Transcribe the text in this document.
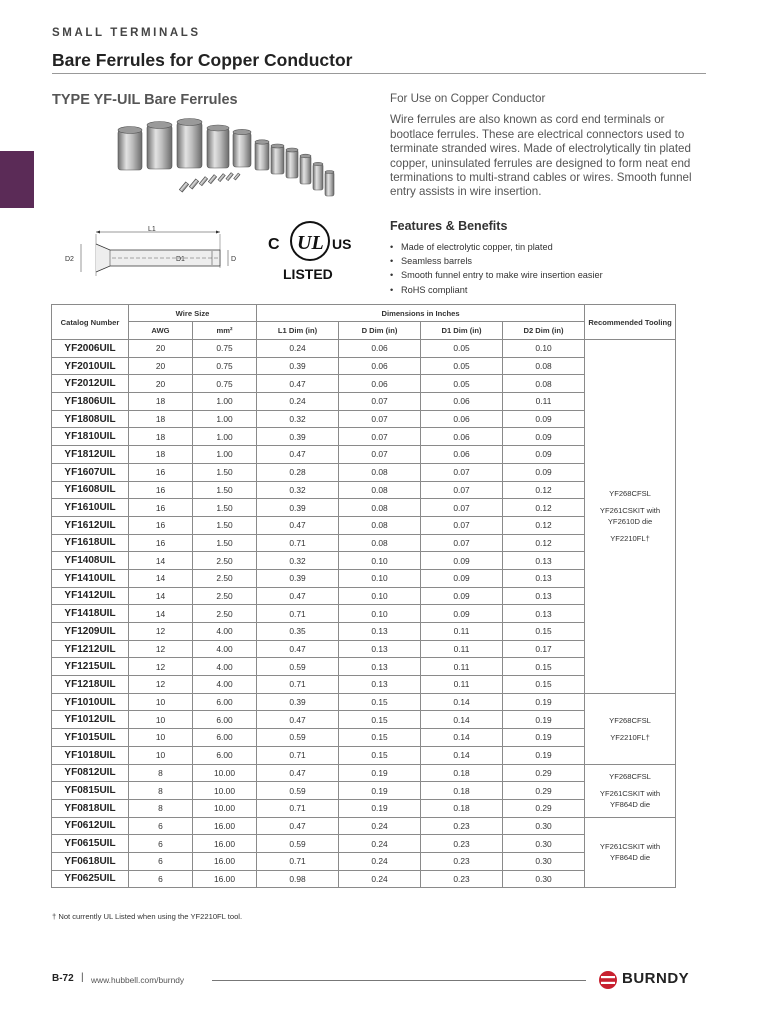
SMALL TERMINALS
Bare Ferrules for Copper Conductor
TYPE YF-UIL Bare Ferrules
L1
D2	D1	D
C UL US
LISTED

For Use on Copper Conductor

Wire ferrules are also known as cord end terminals or bootlace ferrules. These are electrical connectors used to terminate stranded wires. Made of electrolytically tin plated copper, uninsulated ferrules are designed to form neat end terminations to multi-strand cables or wires. Smooth funnel entry assists in wire insertion.

Features & Benefits
• Made of electrolytic copper, tin plated
• Seamless barrels
• Smooth funnel entry to make wire insertion easier
• RoHS compliant
Catalog Number	Wire Size		Dimensions in Inches				Recommended Tooling
	AWG	mm²	L1 Dim (in)	D Dim (in)	D1 Dim (in)	D2 Dim (in)	
YF2006UIL	20	0.75	0.24	0.06	0.05	0.10	YF268CFSL

YF261CSKIT with YF2610D die

YF2210FL†

YF2010UIL	20	0.75	0.39	0.06	0.05	0.08	
YF2012UIL	20	0.75	0.47	0.06	0.05	0.08	
YF1806UIL	18	1.00	0.24	0.07	0.06	0.11	
YF1808UIL	18	1.00	0.32	0.07	0.06	0.09	
YF1810UIL	18	1.00	0.39	0.07	0.06	0.09	
YF1812UIL	18	1.00	0.47	0.07	0.06	0.09	
YF1607UIL	16	1.50	0.28	0.08	0.07	0.09	
YF1608UIL	16	1.50	0.32	0.08	0.07	0.12	
YF1610UIL	16	1.50	0.39	0.08	0.07	0.12	
YF1612UIL	16	1.50	0.47	0.08	0.07	0.12	
YF1618UIL	16	1.50	0.71	0.08	0.07	0.12	
YF1408UIL	14	2.50	0.32	0.10	0.09	0.13	
YF1410UIL	14	2.50	0.39	0.10	0.09	0.13	
YF1412UIL	14	2.50	0.47	0.10	0.09	0.13	
YF1418UIL	14	2.50	0.71	0.10	0.09	0.13	
YF1209UIL	12	4.00	0.35	0.13	0.11	0.15	
YF1212UIL	12	4.00	0.47	0.13	0.11	0.17	
YF1215UIL	12	4.00	0.59	0.13	0.11	0.15	
YF1218UIL	12	4.00	0.71	0.13	0.11	0.15	
YF1010UIL	10	6.00	0.39	0.15	0.14	0.19	YF268CFSL

YF2210FL†

YF1012UIL	10	6.00	0.47	0.15	0.14	0.19	
YF1015UIL	10	6.00	0.59	0.15	0.14	0.19	
YF1018UIL	10	6.00	0.71	0.15	0.14	0.19	
YF0812UIL	8	10.00	0.47	0.19	0.18	0.29	YF268CFSL

YF261CSKIT with YF864D die

YF0815UIL	8	10.00	0.59	0.19	0.18	0.29	
YF0818UIL	8	10.00	0.71	0.19	0.18	0.29	
YF0612UIL	6	16.00	0.47	0.24	0.23	0.30	YF261CSKIT with YF864D die

YF0615UIL	6	16.00	0.59	0.24	0.23	0.30	
YF0618UIL	6	16.00	0.71	0.24	0.23	0.30	
YF0625UIL	6	16.00	0.98	0.24	0.23	0.30	
† Not currently UL Listed when using the YF2210FL tool.
B-72 | www.hubbell.com/burndy	BURNDY
